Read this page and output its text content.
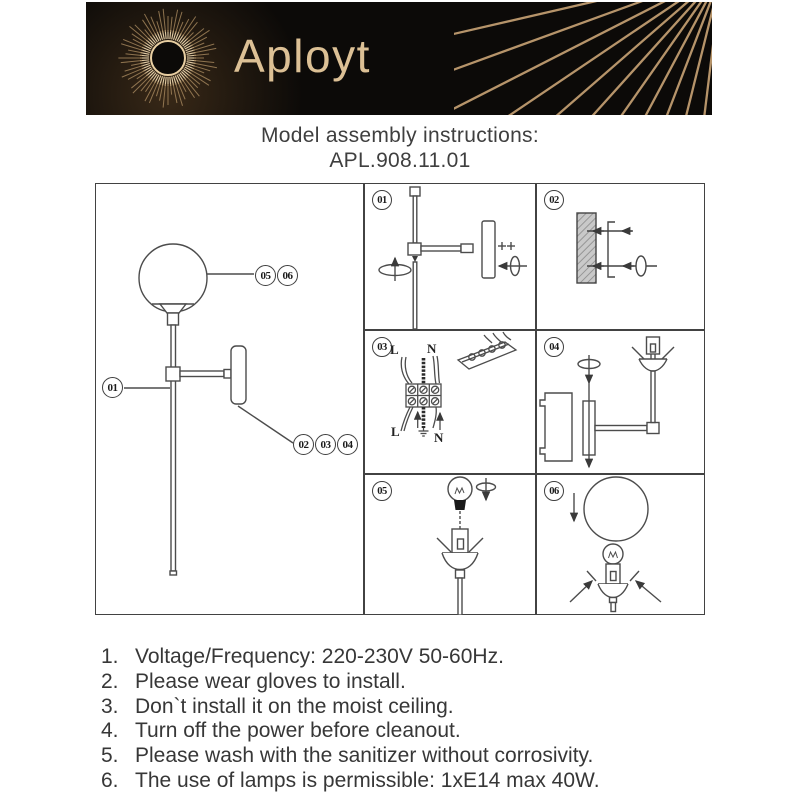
Aployt
Model assembly instructions:
APL.908.11.01
01
05	06
02	03	04
01	02
03	04
05	06
L N
L	N
1. Voltage/Frequency: 220-230V 50-60Hz.
2. Please wear gloves to install.
3. Don`t install it on the moist ceiling.
4. Turn off the power before cleanout.
5. Please wash with the sanitizer without corrosivity.
6. The use of lamps is permissible: 1xE14 max 40W.
